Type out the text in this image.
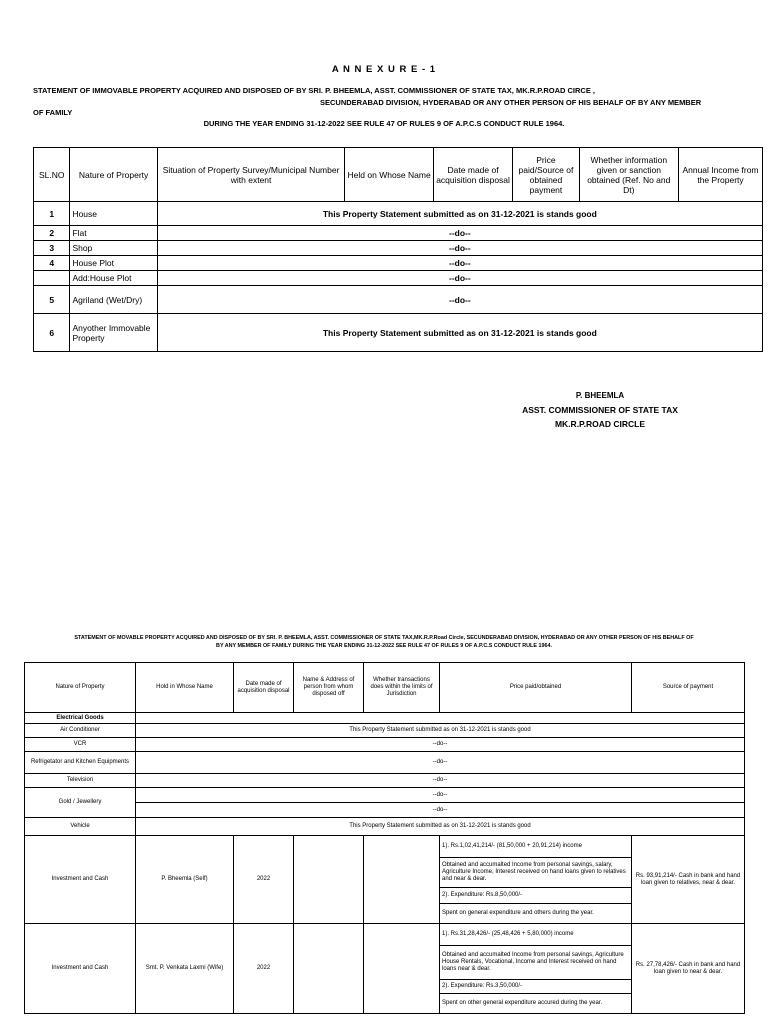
A N N E X U R E - 1
STATEMENT OF IMMOVABLE PROPERTY ACQUIRED AND DISPOSED OF BY SRI. P. BHEEMLA, ASST. COMMISSIONER OF STATE TAX, MK.R.P.ROAD CIRCE ,
SECUNDERABAD DIVISION, HYDERABAD OR ANY OTHER PERSON OF HIS BEHALF OF BY ANY MEMBER
OF FAMILY
DURING THE YEAR ENDING 31-12-2022 SEE RULE 47 OF RULES 9 OF A.P.C.S CONDUCT RULE 1964.
SL.NO	Nature of Property	Situation of Property Survey/Municipal Number with extent	Held on Whose Name	Date made of acquisition disposal	Price paid/Source of obtained payment	Whether information given or sanction obtained (Ref. No and Dt)	Annual Income from the Property
1	House	This Property Statement submitted as on 31-12-2021 is stands good					
2	Flat	--do--					
3	Shop	--do--					
4	House Plot	--do--					
	Add:House Plot	--do--					
5	Agriland (Wet/Dry)	--do--					
6	Anyother Immovable Property	This Property Statement submitted as on 31-12-2021 is stands good					
P. BHEEMLA
ASST. COMMISSIONER OF STATE TAX
MK.R.P.ROAD CIRCLE
STATEMENT OF MOVABLE PROPERTY ACQUIRED AND DISPOSED OF BY SRI. P. BHEEMLA, ASST. COMMISSIONER OF STATE TAX,MK.R.P.Road Circle, SECUNDERABAD DIVISION, HYDERABAD OR ANY OTHER PERSON OF HIS BEHALF OF
BY ANY MEMBER OF FAMILY DURING THE YEAR ENDING 31-12-2022 SEE RULE 47 OF RULES 9 OF A.P.C.S CONDUCT RULE 1964.
Nature of Property	Hold in Whose Name	Date made of acquisition disposal	Name & Address of person from whom disposed off	Whether transactions does within the limits of Jurisdiction	Price paid/obtained	Source of payment
Electrical Goods						
Air Conditioner	This Property Statement submitted as on 31-12-2021 is stands good					
VCR	--do--					
Refrigetator and Kitchen Equipments	--do--					
Television	--do--					
Gold / Jewellery	--do--					
	--do--					
Vehicle	This Property Statement submitted as on 31-12-2021 is stands good					
Investment and Cash	P. Bheemla (Self)	2022			1). Rs.1,02,41,214/- (81,50,000 + 20,91,214) income	Rs. 93,91,214/- Cash in bank and hand loan given to relatives, near & dear.
					Obtained and accumalted Income from personal savings, salary, Agriculture Income, Interest received on hand loans given to relatives and near & dear.	
					2). Expenditure: Rs.8,50,000/-	
					Spent on general expenditure and others during the year.	
Investment and Cash	Smt. P. Venkata Laxmi (Wife)	2022			1). Rs.31,28,426/- (25,48,426 + 5,80,000) income	Rs. 27,78,426/- Cash in bank and hand loan given to near & dear.
					Obtained and accumalted Income from personal savings, Agriculture House Rentals, Vocational, Income and Interest received on hand loans near & dear.	
					2). Expenditure: Rs.3,50,000/-	
					Spent on other general expenditure accured during the year.	
